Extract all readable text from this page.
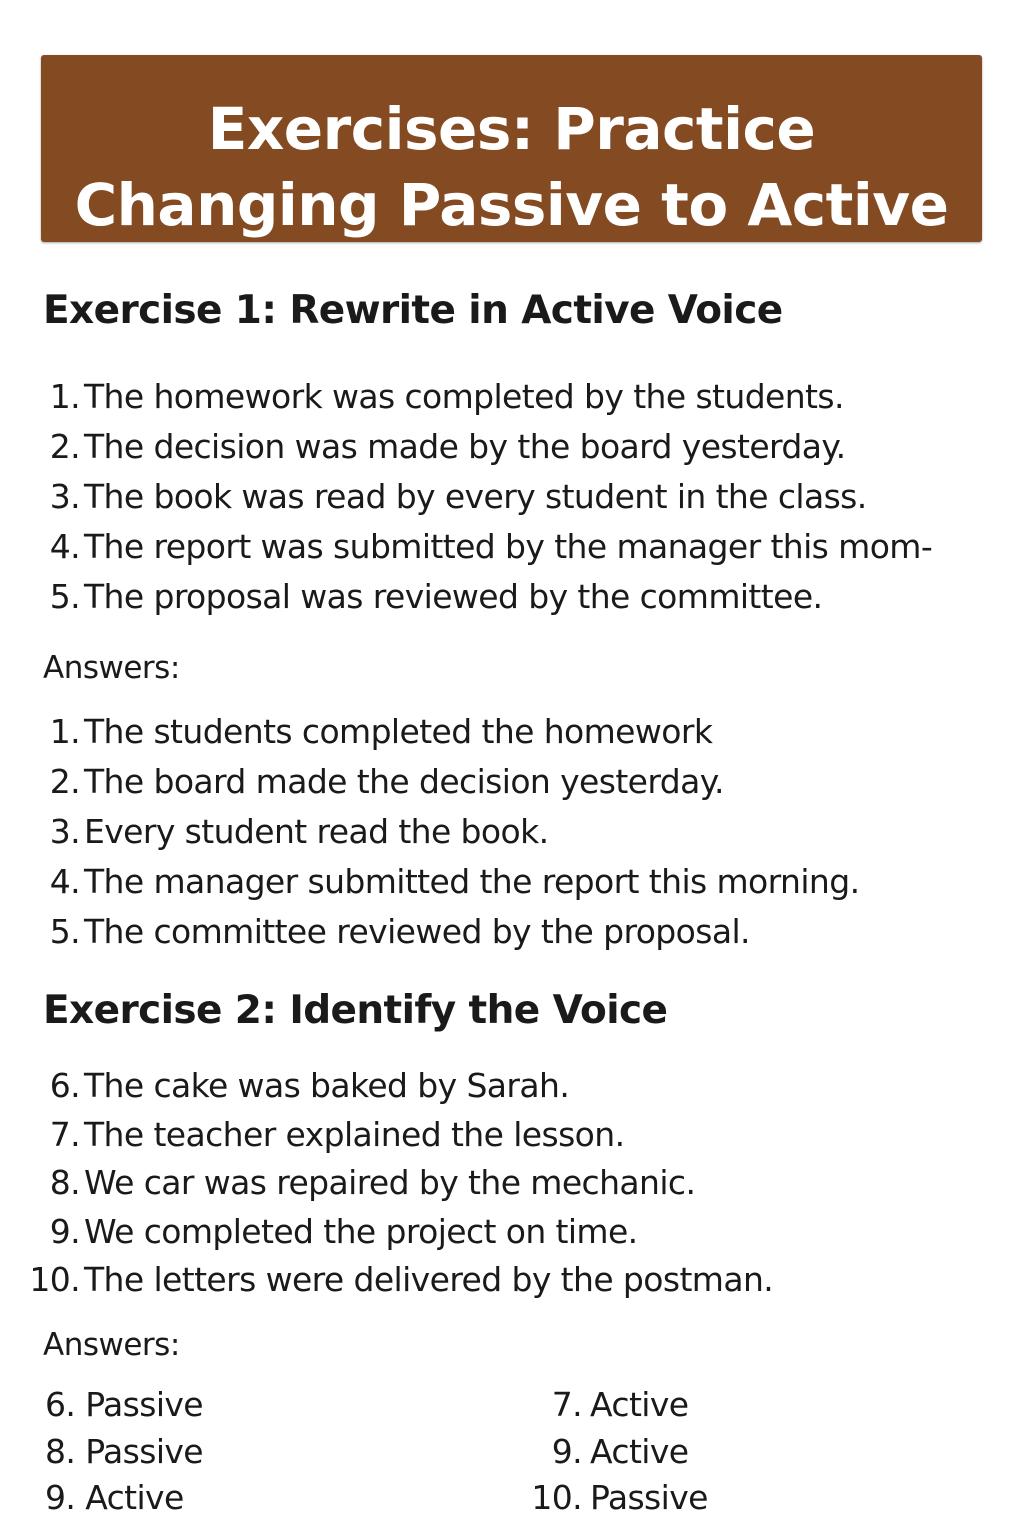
Exercises: Practice
Changing Passive to Active
Exercise 1: Rewrite in Active Voice
1. The homework was completed by the students.
2. The decision was made by the board yesterday.
3. The book was read by every student in the class.
4. The report was submitted by the manager this mom-
5. The proposal was reviewed by the committee.
Answers:
1. The students completed the homework
2. The board made the decision yesterday.
3. Every student read the book.
4. The manager submitted the report this morning.
5. The committee reviewed by the proposal.
Exercise 2: Identify the Voice
6. The cake was baked by Sarah.
7. The teacher explained the lesson.
8. We car was repaired by the mechanic.
9. We completed the project on time.
10. The letters were delivered by the postman.
Answers:
6. Passive	7. Active
8. Passive	9. Active
9. Active	10. Passive
